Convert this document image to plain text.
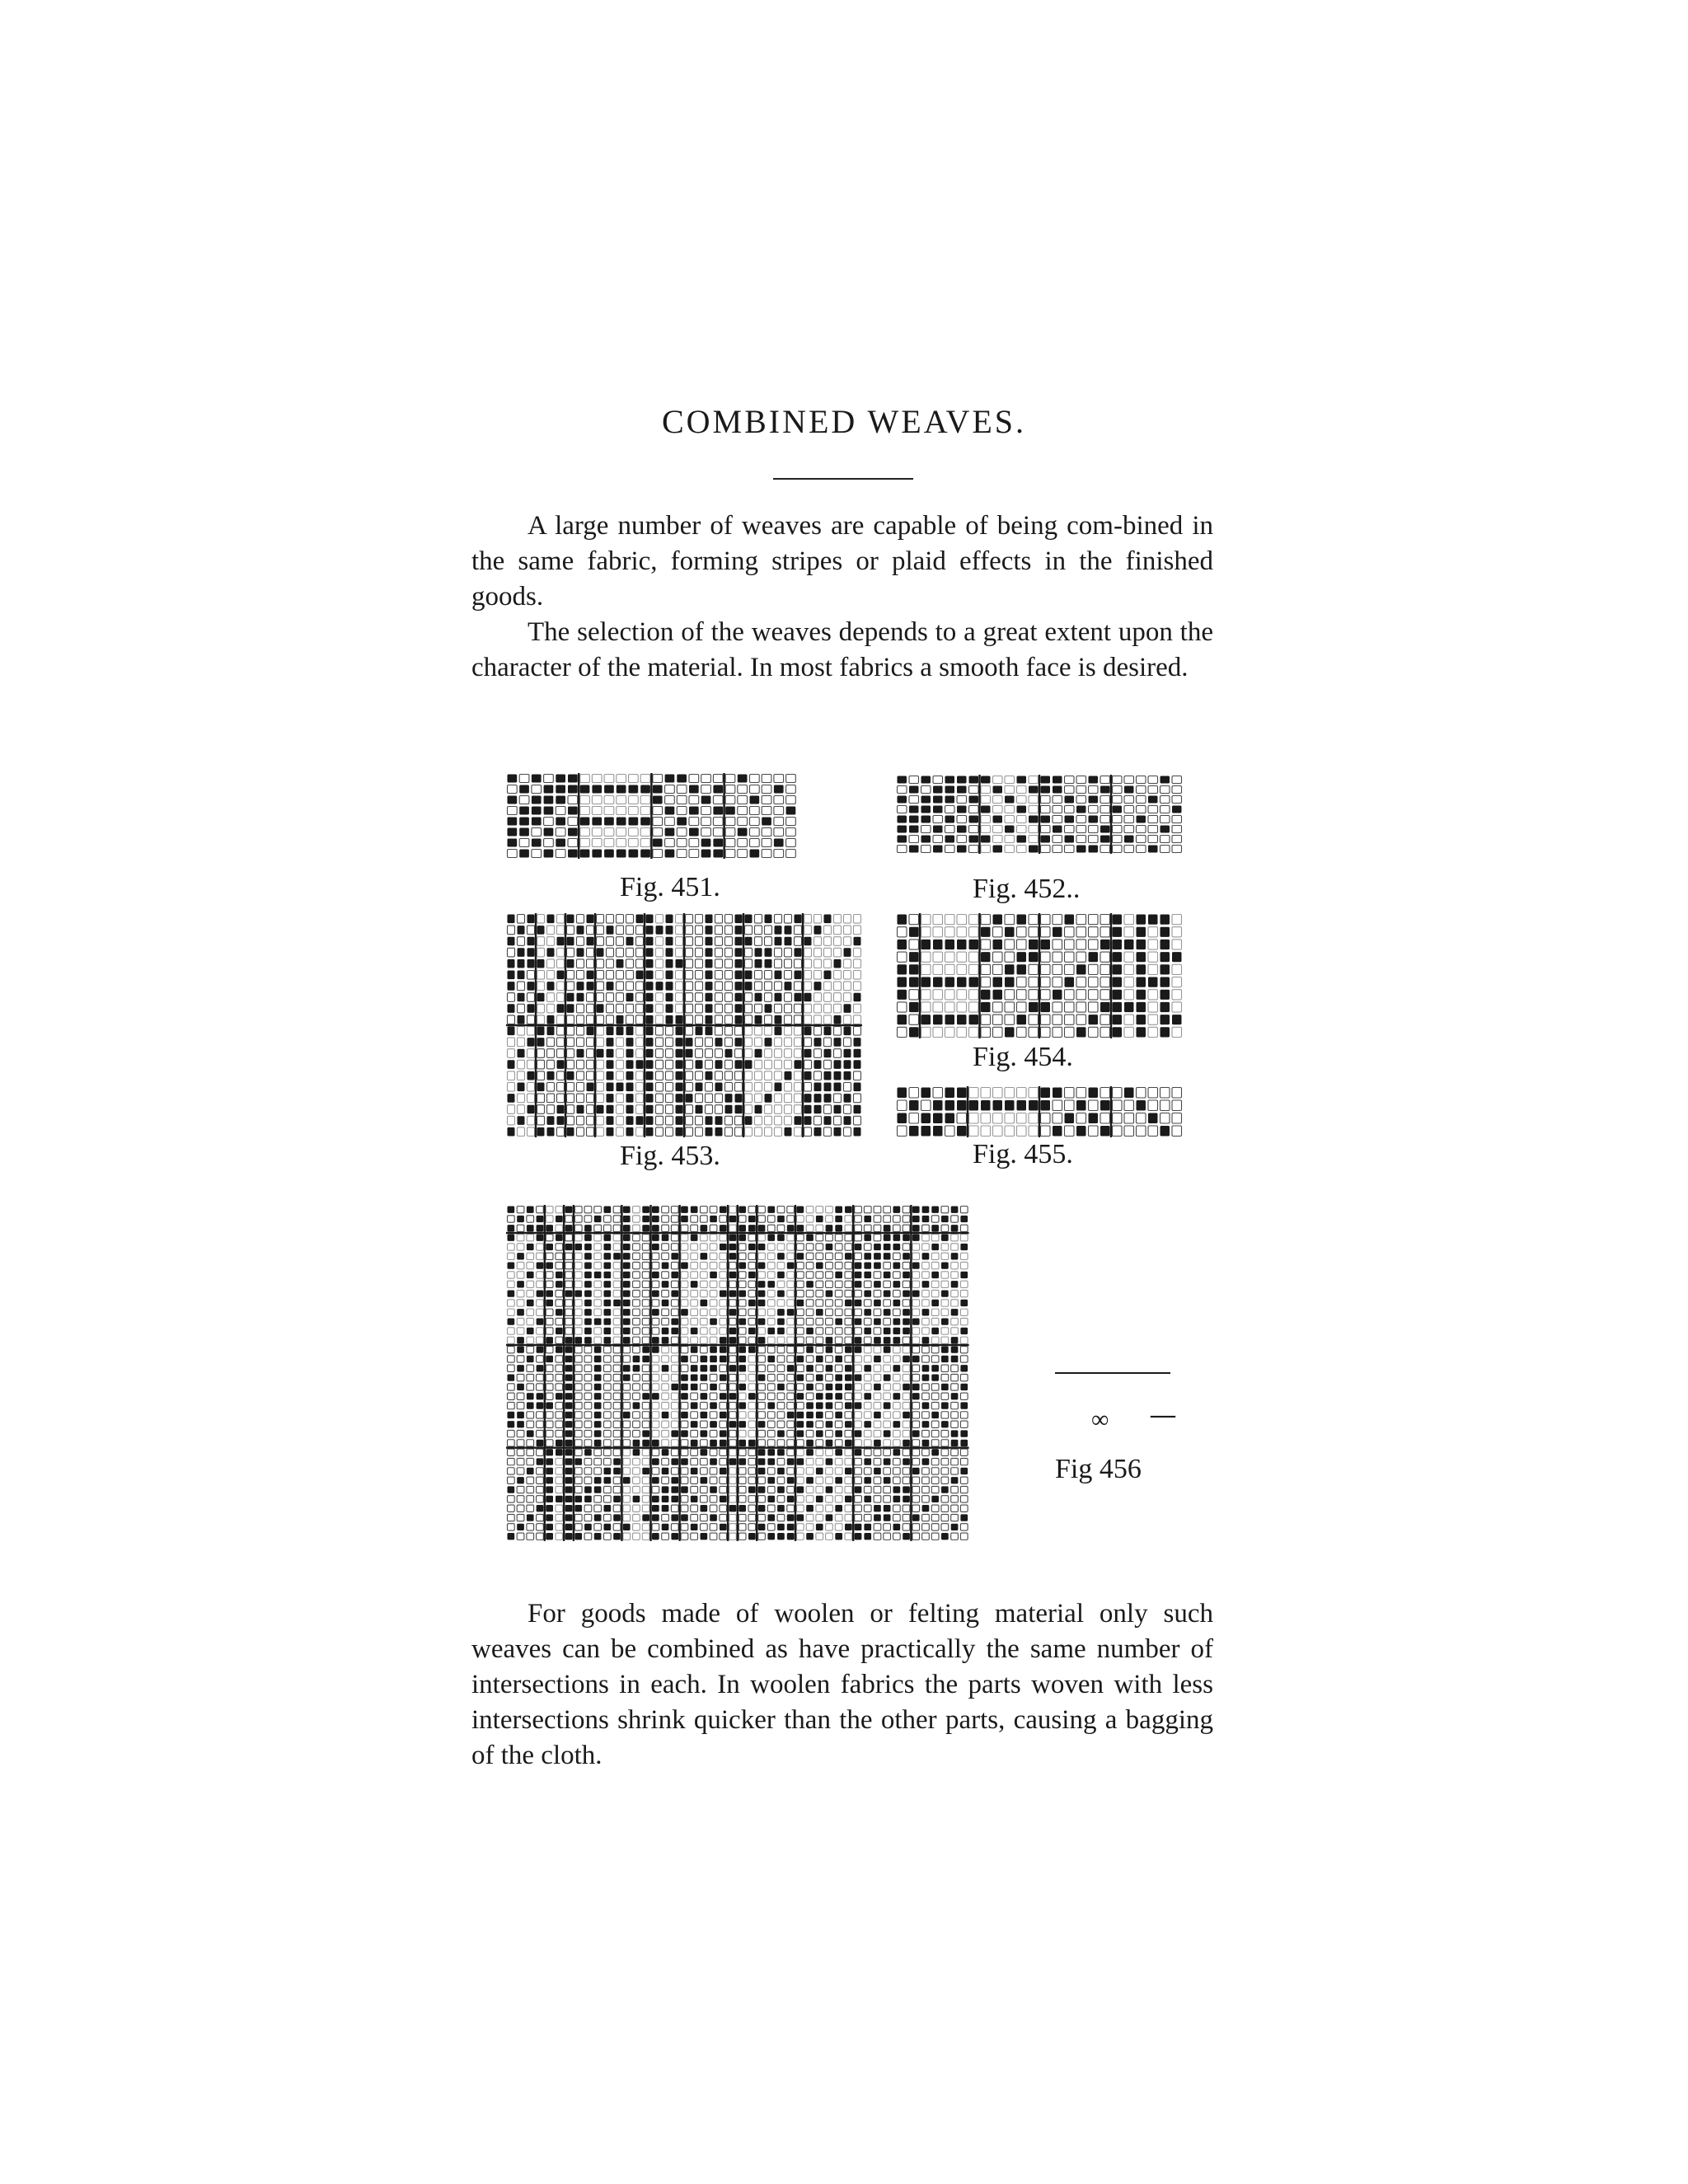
COMBINED WEAVES.

A large number of weaves are capable of being com-bined in the same fabric, forming stripes or plaid effects in the finished goods.

The selection of the weaves depends to a great extent upon the character of the material. In most fabrics a smooth face is desired.

Fig. 451.	Fig. 452..
Fig. 453.
Fig. 454.
Fig. 455.
∞ —
Fig 456

For goods made of woolen or felting material only such weaves can be combined as have practically the same number of intersections in each. In woolen fabrics the parts woven with less intersections shrink quicker than the other parts, causing a bagging of the cloth.
